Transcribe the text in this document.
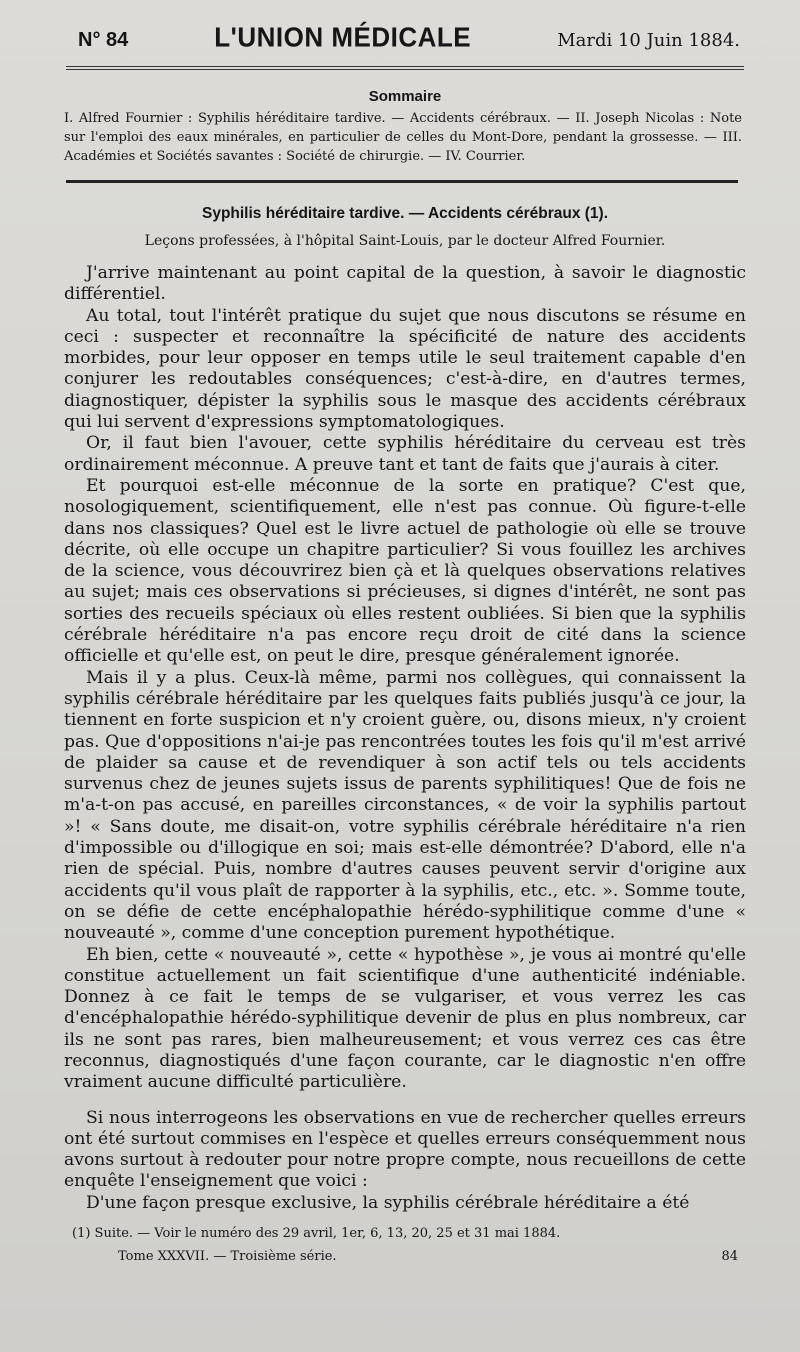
N° 84	L'UNION MÉDICALE	Mardi 10 Juin 1884.
Sommaire
I. Alfred Fournier : Syphilis héréditaire tardive. — Accidents cérébraux. — II. Joseph Nicolas : Note sur l'emploi des eaux minérales, en particulier de celles du Mont-Dore, pendant la grossesse. — III. Académies et Sociétés savantes : Société de chirurgie. — IV. Courrier.
Syphilis héréditaire tardive. — Accidents cérébraux (1).
Leçons professées, à l'hôpital Saint-Louis, par le docteur Alfred Fournier.

J'arrive maintenant au point capital de la question, à savoir le diagnostic différentiel.

Au total, tout l'intérêt pratique du sujet que nous discutons se résume en ceci : suspecter et reconnaître la spécificité de nature des accidents morbides, pour leur opposer en temps utile le seul traitement capable d'en conjurer les redoutables conséquences; c'est-à-dire, en d'autres termes, diagnostiquer, dépister la syphilis sous le masque des accidents cérébraux qui lui servent d'expressions symptomatologiques.

Or, il faut bien l'avouer, cette syphilis héréditaire du cerveau est très ordinairement méconnue. A preuve tant et tant de faits que j'aurais à citer.

Et pourquoi est-elle méconnue de la sorte en pratique? C'est que, nosologiquement, scientifiquement, elle n'est pas connue. Où figure-t-elle dans nos classiques? Quel est le livre actuel de pathologie où elle se trouve décrite, où elle occupe un chapitre particulier? Si vous fouillez les archives de la science, vous découvrirez bien çà et là quelques observations relatives au sujet; mais ces observations si précieuses, si dignes d'intérêt, ne sont pas sorties des recueils spéciaux où elles restent oubliées. Si bien que la syphilis cérébrale héréditaire n'a pas encore reçu droit de cité dans la science officielle et qu'elle est, on peut le dire, presque généralement ignorée.

Mais il y a plus. Ceux-là même, parmi nos collègues, qui connaissent la syphilis cérébrale héréditaire par les quelques faits publiés jusqu'à ce jour, la tiennent en forte suspicion et n'y croient guère, ou, disons mieux, n'y croient pas. Que d'oppositions n'ai-je pas rencontrées toutes les fois qu'il m'est arrivé de plaider sa cause et de revendiquer à son actif tels ou tels accidents survenus chez de jeunes sujets issus de parents syphilitiques! Que de fois ne m'a-t-on pas accusé, en pareilles circonstances, « de voir la syphilis partout »! « Sans doute, me disait-on, votre syphilis cérébrale héréditaire n'a rien d'impossible ou d'illogique en soi; mais est-elle démontrée? D'abord, elle n'a rien de spécial. Puis, nombre d'autres causes peuvent servir d'origine aux accidents qu'il vous plaît de rapporter à la syphilis, etc., etc. ». Somme toute, on se défie de cette encéphalopathie hérédo-syphilitique comme d'une « nouveauté », comme d'une conception purement hypothétique.

Eh bien, cette « nouveauté », cette « hypothèse », je vous ai montré qu'elle constitue actuellement un fait scientifique d'une authenticité indéniable. Donnez à ce fait le temps de se vulgariser, et vous verrez les cas d'encéphalopathie hérédo-syphilitique devenir de plus en plus nombreux, car ils ne sont pas rares, bien malheureusement; et vous verrez ces cas être reconnus, diagnostiqués d'une façon courante, car le diagnostic n'en offre vraiment aucune difficulté particulière.

Si nous interrogeons les observations en vue de rechercher quelles erreurs ont été surtout commises en l'espèce et quelles erreurs conséquemment nous avons surtout à redouter pour notre propre compte, nous recueillons de cette enquête l'enseignement que voici :

D'une façon presque exclusive, la syphilis cérébrale héréditaire a été

(1) Suite. — Voir le numéro des 29 avril, 1er, 6, 13, 20, 25 et 31 mai 1884.
Tome XXXVII. — Troisième série.	84
